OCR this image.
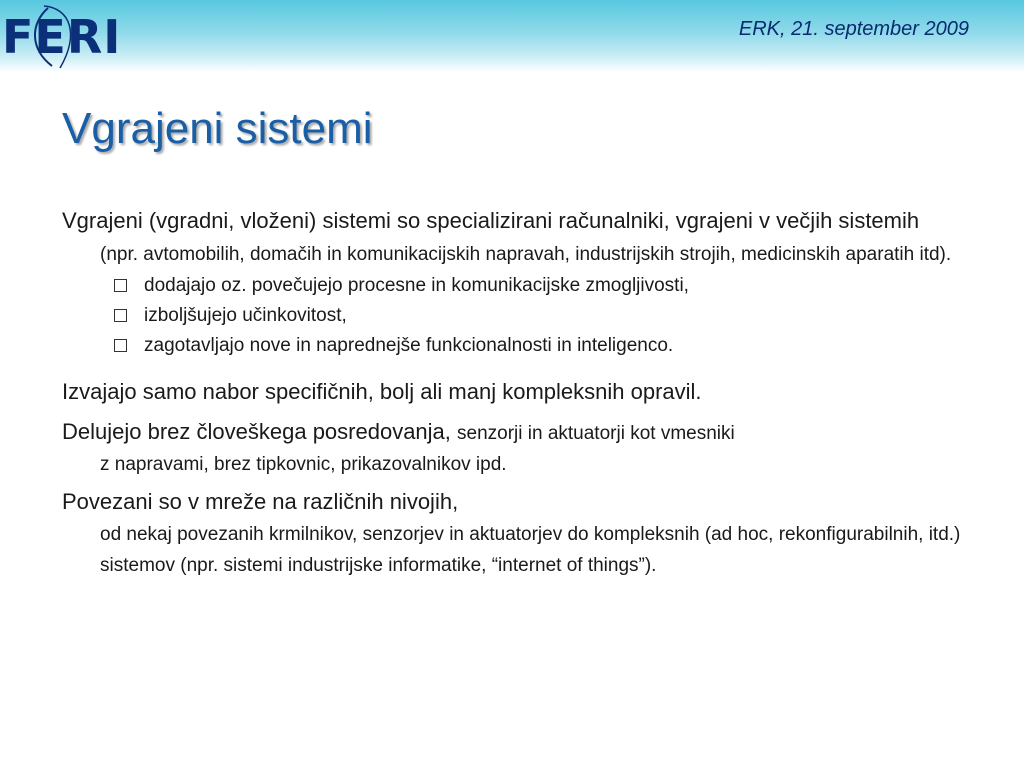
FERI	ERK, 21. september 2009
Vgrajeni sistemi

Vgrajeni (vgradni, vloženi) sistemi so specializirani računalniki, vgrajeni v večjih sistemih

(npr. avtomobilih, domačih in komunikacijskih napravah, industrijskih strojih, medicinskih aparatih itd).
dodajajo oz. povečujejo procesne in komunikacijske zmogljivosti,
izboljšujejo učinkovitost,
zagotavljajo nove in naprednejše funkcionalnosti in inteligenco.

Izvajajo samo nabor specifičnih, bolj ali manj kompleksnih opravil.

Delujejo brez človeškega posredovanja, senzorji in aktuatorji kot vmesniki

z napravami, brez tipkovnic, prikazovalnikov ipd.

Povezani so v mreže na različnih nivojih,

od nekaj povezanih krmilnikov, senzorjev in aktuatorjev do kompleksnih (ad hoc, rekonfigurabilnih, itd.) sistemov (npr. sistemi industrijske informatike, “internet of things”).
